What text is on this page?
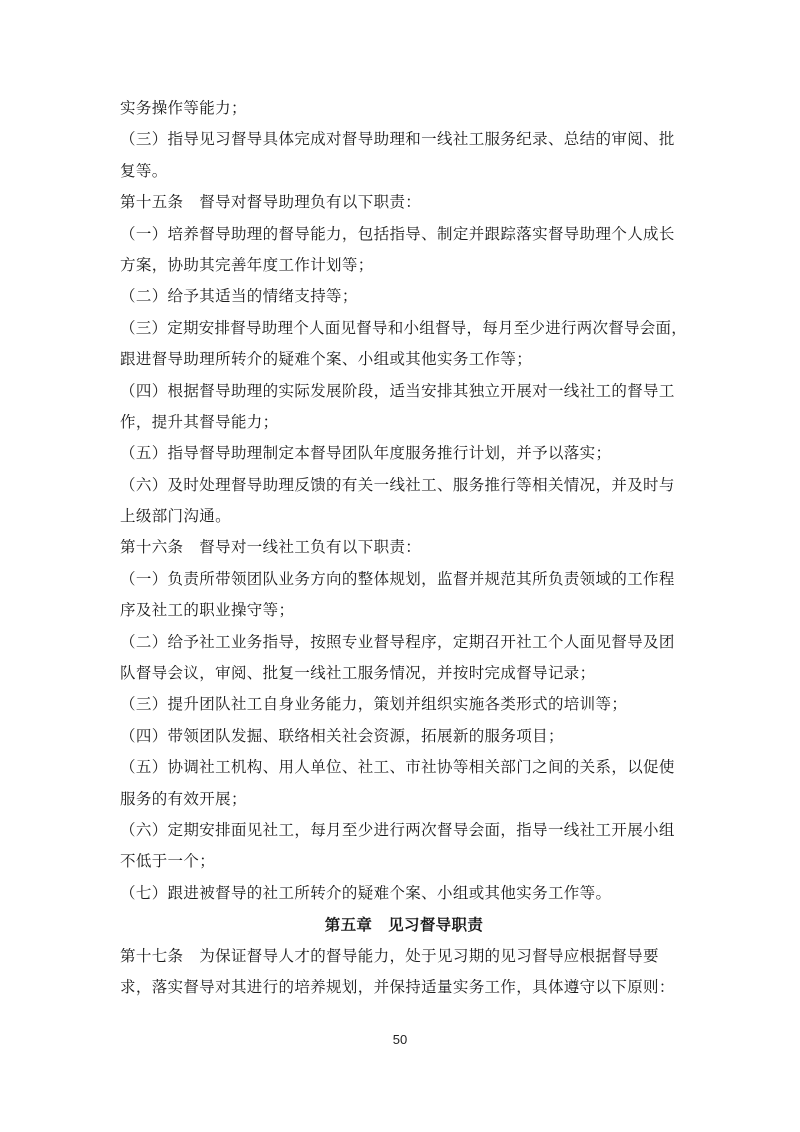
实务操作等能力；
（三）指导见习督导具体完成对督导助理和一线社工服务纪录、总结的审阅、批
复等。
第十五条　督导对督导助理负有以下职责：
（一）培养督导助理的督导能力，包括指导、制定并跟踪落实督导助理个人成长
方案，协助其完善年度工作计划等；
（二）给予其适当的情绪支持等；
（三）定期安排督导助理个人面见督导和小组督导，每月至少进行两次督导会面，
跟进督导助理所转介的疑难个案、小组或其他实务工作等；
（四）根据督导助理的实际发展阶段，适当安排其独立开展对一线社工的督导工
作，提升其督导能力；
（五）指导督导助理制定本督导团队年度服务推行计划，并予以落实；
（六）及时处理督导助理反馈的有关一线社工、服务推行等相关情况，并及时与
上级部门沟通。
第十六条　督导对一线社工负有以下职责：
（一）负责所带领团队业务方向的整体规划，监督并规范其所负责领域的工作程
序及社工的职业操守等；
（二）给予社工业务指导，按照专业督导程序，定期召开社工个人面见督导及团
队督导会议，审阅、批复一线社工服务情况，并按时完成督导记录；
（三）提升团队社工自身业务能力，策划并组织实施各类形式的培训等；
（四）带领团队发掘、联络相关社会资源，拓展新的服务项目；
（五）协调社工机构、用人单位、社工、市社协等相关部门之间的关系，以促使
服务的有效开展；
（六）定期安排面见社工，每月至少进行两次督导会面，指导一线社工开展小组
不低于一个；
（七）跟进被督导的社工所转介的疑难个案、小组或其他实务工作等。
第五章　见习督导职责
第十七条　为保证督导人才的督导能力，处于见习期的见习督导应根据督导要
求，落实督导对其进行的培养规划，并保持适量实务工作，具体遵守以下原则：
50
